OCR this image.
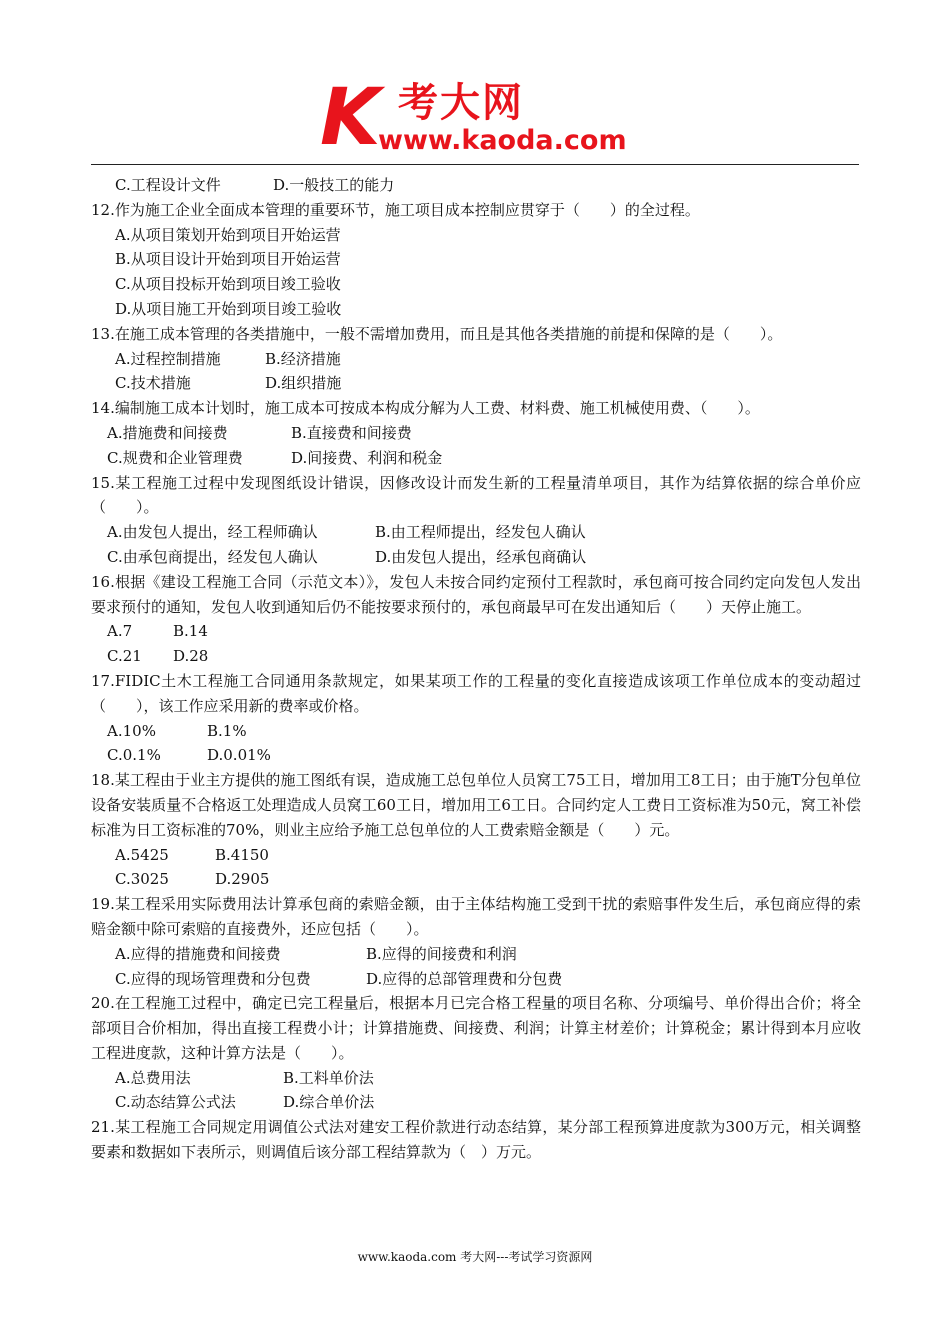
K 考大网
www.kaoda.com
C.工程设计文件	D.一般技工的能力
12.作为施工企业全面成本管理的重要环节，施工项目成本控制应贯穿于（　　）的全过程。
A.从项目策划开始到项目开始运营
B.从项目设计开始到项目开始运营
C.从项目投标开始到项目竣工验收
D.从项目施工开始到项目竣工验收
13.在施工成本管理的各类措施中，一般不需增加费用，而且是其他各类措施的前提和保障的是（　　）。
A.过程控制措施	B.经济措施
C.技术措施	D.组织措施
14.编制施工成本计划时，施工成本可按成本构成分解为人工费、材料费、施工机械使用费、（　　）。
A.措施费和间接费	B.直接费和间接费
C.规费和企业管理费	D.间接费、利润和税金
15.某工程施工过程中发现图纸设计错误，因修改设计而发生新的工程量清单项目，其作为结算依据的综合单价应（　　）。
A.由发包人提出，经工程师确认	B.由工程师提出，经发包人确认
C.由承包商提出，经发包人确认	D.由发包人提出，经承包商确认
16.根据《建设工程施工合同（示范文本）》，发包人未按合同约定预付工程款时，承包商可按合同约定向发包人发出要求预付的通知，发包人收到通知后仍不能按要求预付的，承包商最早可在发出通知后（　　）天停止施工。
A.7	B.14
C.21 D.28
17.FIDIC土木工程施工合同通用条款规定，如果某项工作的工程量的变化直接造成该项工作单位成本的变动超过（　　），该工作应采用新的费率或价格。
A.10%	B.1%
C.0.1%	D.0.01%
18.某工程由于业主方提供的施工图纸有误，造成施工总包单位人员窝工75工日，增加用工8工日；由于施T分包单位设备安装质量不合格返工处理造成人员窝工60工日，增加用工6工日。合同约定人工费日工资标准为50元，窝工补偿标准为日工资标准的70%，则业主应给予施工总包单位的人工费索赔金额是（　　）元。
A.5425	B.4150
C.3025	D.2905
19.某工程采用实际费用法计算承包商的索赔金额，由于主体结构施工受到干扰的索赔事件发生后，承包商应得的索赔金额中除可索赔的直接费外，还应包括（　　）。
A.应得的措施费和间接费	B.应得的间接费和利润
C.应得的现场管理费和分包费	D.应得的总部管理费和分包费
20.在工程施工过程中，确定已完工程量后，根据本月已完合格工程量的项目名称、分项编号、单价得出合价；将全部项目合价相加，得出直接工程费小计；计算措施费、间接费、利润；计算主材差价；计算税金；累计得到本月应收工程进度款，这种计算方法是（　　）。
A.总费用法	B.工料单价法
C.动态结算公式法	D.综合单价法
21.某工程施工合同规定用调值公式法对建安工程价款进行动态结算，某分部工程预算进度款为300万元，相关调整要素和数据如下表所示，则调值后该分部工程结算款为（　）万元。
www.kaoda.com 考大网---考试学习资源网
